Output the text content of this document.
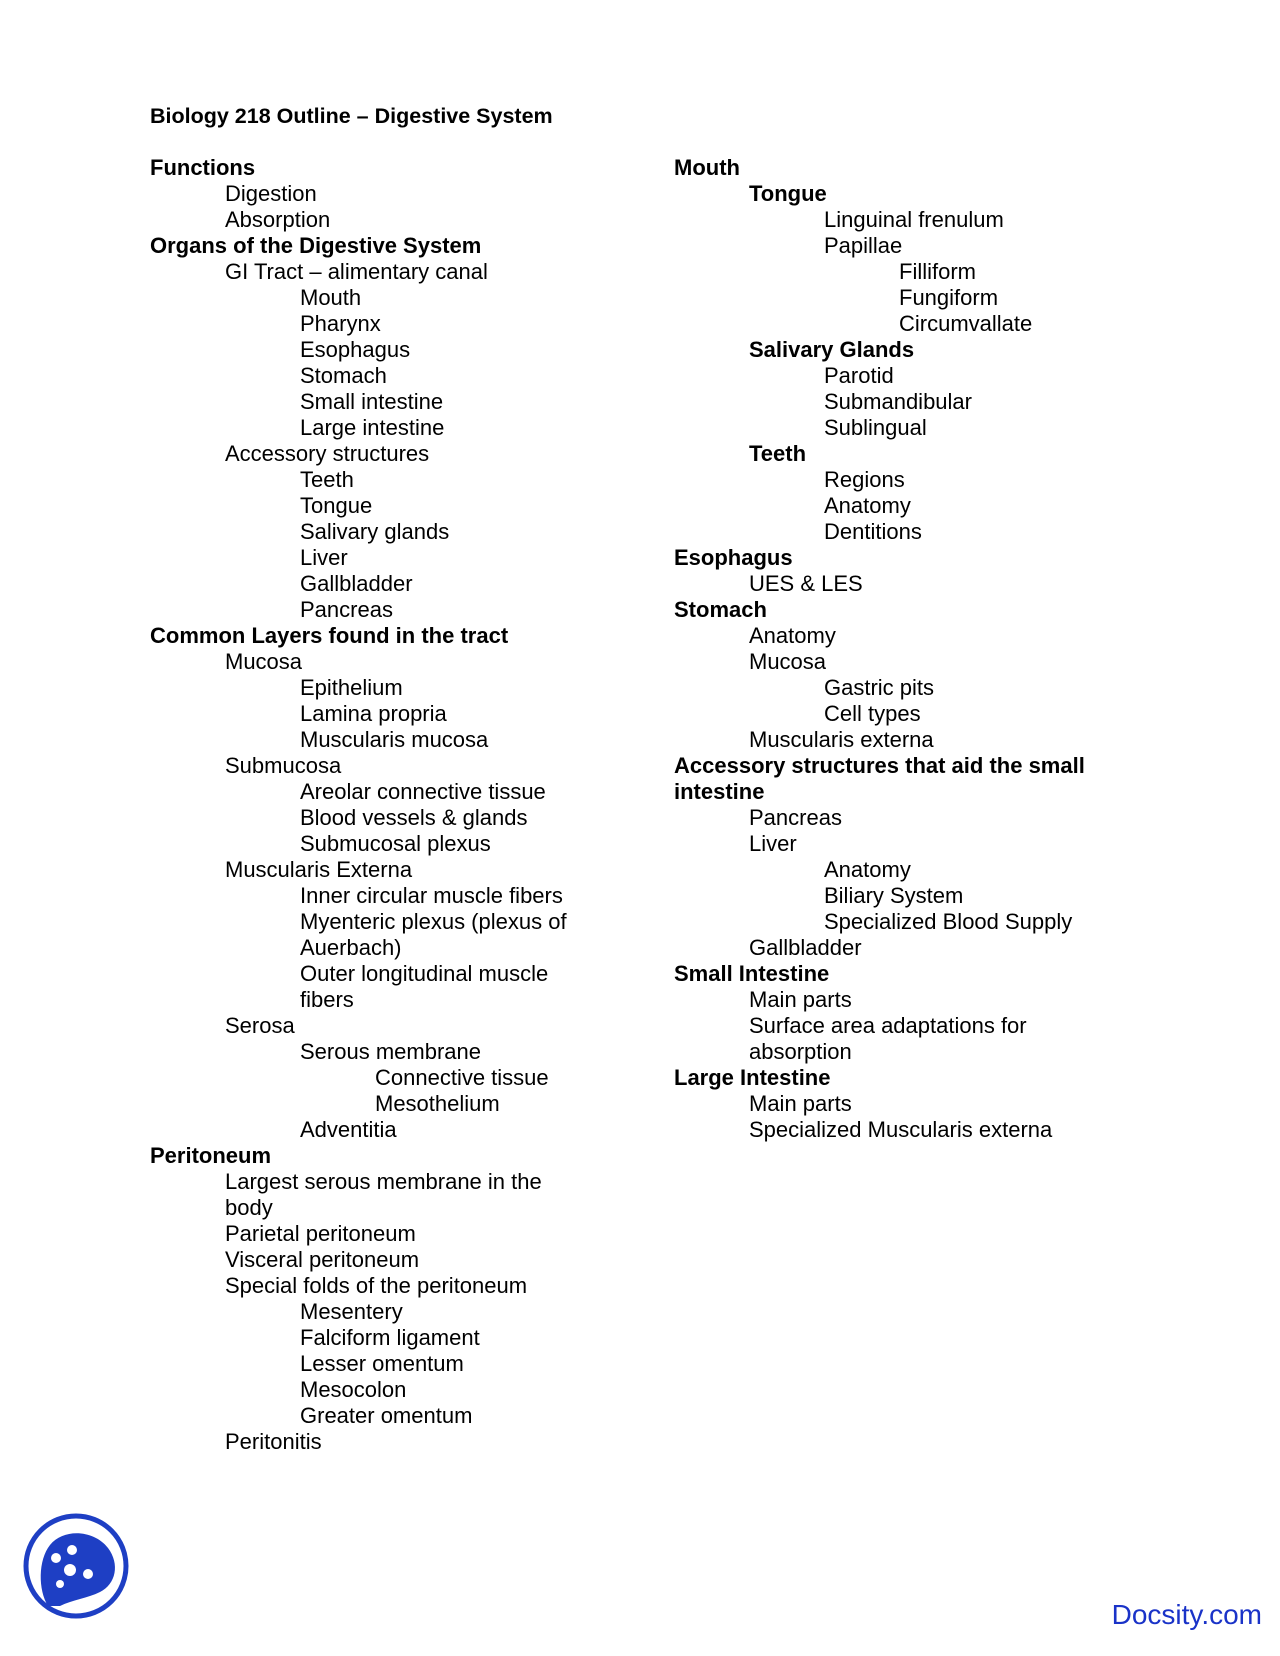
Biology 218 Outline – Digestive System
Functions
Digestion
Absorption
Organs of the Digestive System
GI Tract – alimentary canal
Mouth
Pharynx
Esophagus
Stomach
Small intestine
Large intestine
Accessory structures
Teeth
Tongue
Salivary glands
Liver
Gallbladder
Pancreas
Common Layers found in the tract
Mucosa
Epithelium
Lamina propria
Muscularis mucosa
Submucosa
Areolar connective tissue
Blood vessels & glands
Submucosal plexus
Muscularis Externa
Inner circular muscle fibers
Myenteric plexus (plexus of
Auerbach)
Outer longitudinal muscle
fibers
Serosa
Serous membrane
Connective tissue
Mesothelium
Adventitia
Peritoneum
Largest serous membrane in the
body
Parietal peritoneum
Visceral peritoneum
Special folds of the peritoneum
Mesentery
Falciform ligament
Lesser omentum
Mesocolon
Greater omentum
Peritonitis
Mouth
Tongue
Linguinal frenulum
Papillae
Filliform
Fungiform
Circumvallate
Salivary Glands
Parotid
Submandibular
Sublingual
Teeth
Regions
Anatomy
Dentitions
Esophagus
UES & LES
Stomach
Anatomy
Mucosa
Gastric pits
Cell types
Muscularis externa
Accessory structures that aid the small
intestine
Pancreas
Liver
Anatomy
Biliary System
Specialized Blood Supply
Gallbladder
Small Intestine
Main parts
Surface area adaptations for
absorption
Large Intestine
Main parts
Specialized Muscularis externa
Docsity.com
